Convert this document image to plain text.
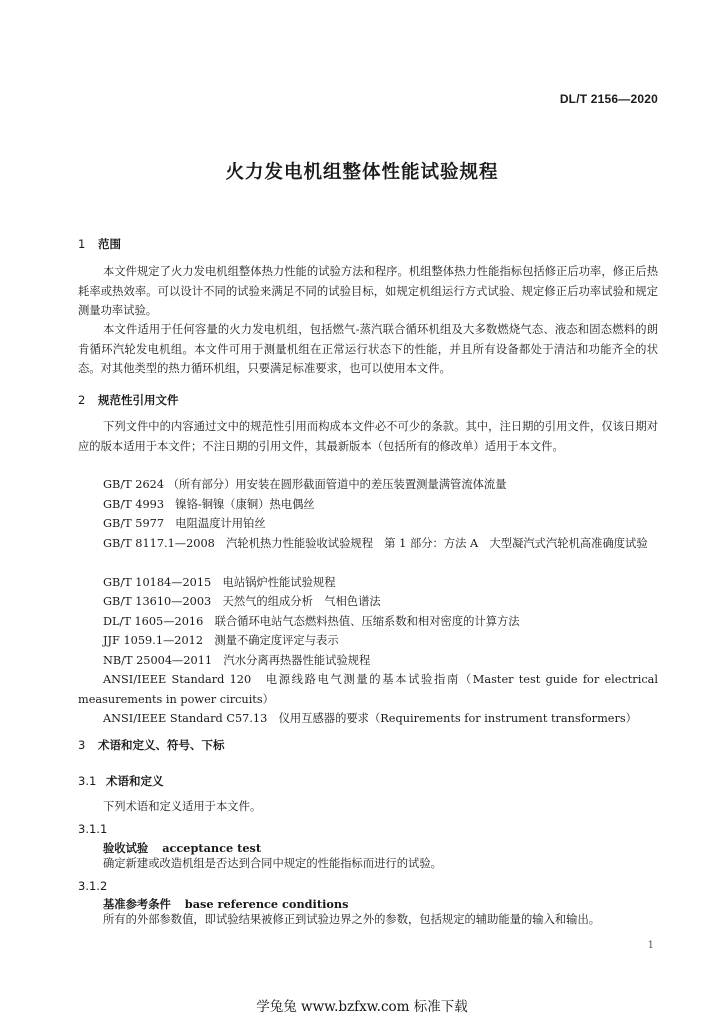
DL/T 2156—2020
火力发电机组整体性能试验规程
1 范围
本文件规定了火力发电机组整体热力性能的试验方法和程序。机组整体热力性能指标包括修正后功率，修正后热耗率或热效率。可以设计不同的试验来满足不同的试验目标，如规定机组运行方式试验、规定修正后功率试验和规定测量功率试验。
本文件适用于任何容量的火力发电机组，包括燃气-蒸汽联合循环机组及大多数燃烧气态、液态和固态燃料的朗肯循环汽轮发电机组。本文件可用于测量机组在正常运行状态下的性能，并且所有设备都处于清洁和功能齐全的状态。对其他类型的热力循环机组，只要满足标准要求，也可以使用本文件。
2 规范性引用文件
下列文件中的内容通过文中的规范性引用而构成本文件必不可少的条款。其中，注日期的引用文件，仅该日期对应的版本适用于本文件；不注日期的引用文件，其最新版本（包括所有的修改单）适用于本文件。
GB/T 2624 （所有部分）用安装在圆形截面管道中的差压装置测量满管流体流量
GB/T 4993　镍铬-铜镍（康铜）热电偶丝
GB/T 5977　电阻温度计用铂丝
GB/T 8117.1—2008　汽轮机热力性能验收试验规程　第 1 部分：方法 A　大型凝汽式汽轮机高准确度试验
GB/T 10184—2015　电站锅炉性能试验规程
GB/T 13610—2003　天然气的组成分析　气相色谱法
DL/T 1605—2016　联合循环电站气态燃料热值、压缩系数和相对密度的计算方法
JJF 1059.1—2012　测量不确定度评定与表示
NB/T 25004—2011　汽水分离再热器性能试验规程
ANSI/IEEE Standard 120　电源线路电气测量的基本试验指南（Master test guide for electrical measurements in power circuits）
ANSI/IEEE Standard C57.13　仪用互感器的要求（Requirements for instrument transformers）
3 术语和定义、符号、下标
3.1 术语和定义
下列术语和定义适用于本文件。
3.1.1
验收试验 acceptance test
确定新建或改造机组是否达到合同中规定的性能指标而进行的试验。
3.1.2
基准参考条件 base reference conditions
所有的外部参数值，即试验结果被修正到试验边界之外的参数，包括规定的辅助能量的输入和输出。
1
学兔兔 www.bzfxw.com 标准下载
